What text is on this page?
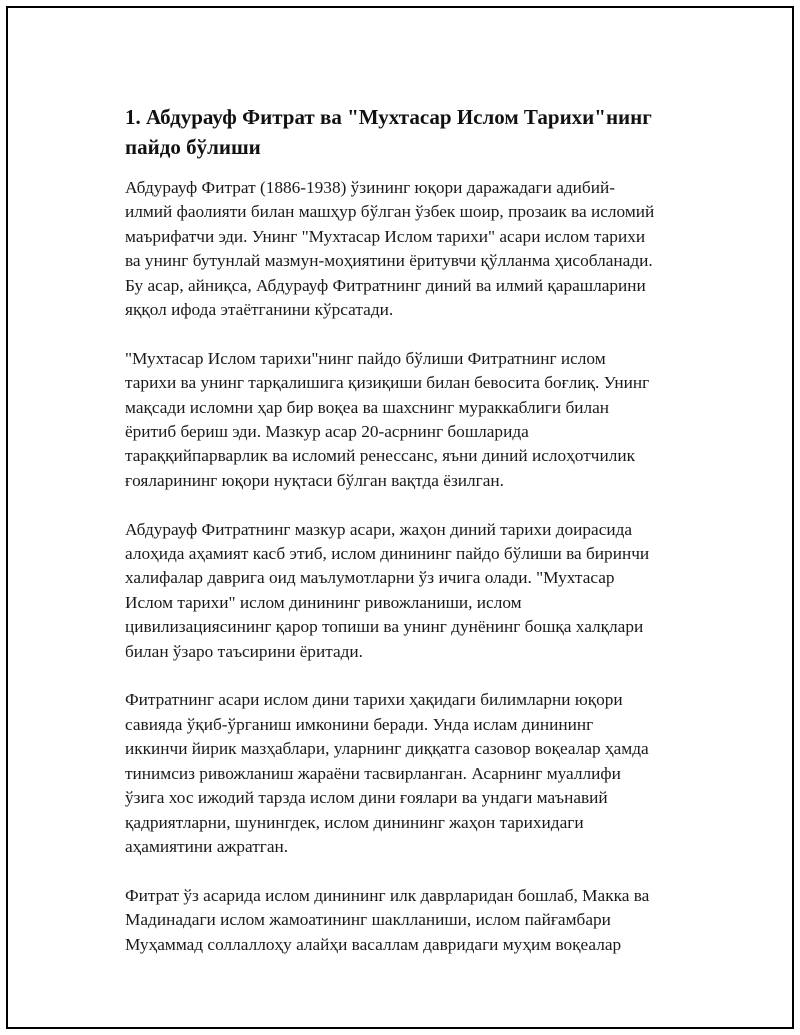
1. Абдурауф Фитрат ва "Мухтасар Ислом Тарихи"нинг
пайдо бўлиши

Абдурауф Фитрат (1886-1938) ўзининг юқори даражадаги адибий-
илмий фаолияти билан машҳур бўлган ўзбек шоир, прозаик ва исломий
маърифатчи эди. Унинг "Мухтасар Ислом тарихи" асари ислом тарихи
ва унинг бутунлай мазмун-моҳиятини ёритувчи қўлланма ҳисобланади.
Бу асар, айниқса, Абдурауф Фитратнинг диний ва илмий қарашларини
яққол ифода этаётганини кўрсатади.

"Мухтасар Ислом тарихи"нинг пайдо бўлиши Фитратнинг ислом
тарихи ва унинг тарқалишига қизиқиши билан бевосита боғлиқ. Унинг
мақсади исломни ҳар бир воқеа ва шахснинг мураккаблиги билан
ёритиб бериш эди. Мазкур асар 20-асрнинг бошларида
тараққийпарварлик ва исломий ренессанс, яъни диний ислоҳотчилик
ғояларининг юқори нуқтаси бўлган вақтда ёзилган.

Абдурауф Фитратнинг мазкур асари, жаҳон диний тарихи доирасида
алоҳида аҳамият касб этиб, ислом динининг пайдо бўлиши ва биринчи
халифалар даврига оид маълумотларни ўз ичига олади. "Мухтасар
Ислом тарихи" ислом динининг ривожланиши, ислом
цивилизациясининг қарор топиши ва унинг дунёнинг бошқа халқлари
билан ўзаро таъсирини ёритади.

Фитратнинг асари ислом дини тарихи ҳақидаги билимларни юқори
савияда ўқиб-ўрганиш имконини беради. Унда ислам динининг
иккинчи йирик мазҳаблари, уларнинг диққатга сазовор воқеалар ҳамда
тинимсиз ривожланиш жараёни тасвирланган. Асарнинг муаллифи
ўзига хос ижодий тарзда ислом дини ғоялари ва ундаги маънавий
қадриятларни, шунингдек, ислом динининг жаҳон тарихидаги
аҳамиятини ажратган.

Фитрат ўз асарида ислом динининг илк даврларидан бошлаб, Макка ва
Мадинадаги ислом жамоатининг шаклланиши, ислом пайғамбари
Муҳаммад соллаллоҳу алайҳи васаллам давридаги муҳим воқеалар
